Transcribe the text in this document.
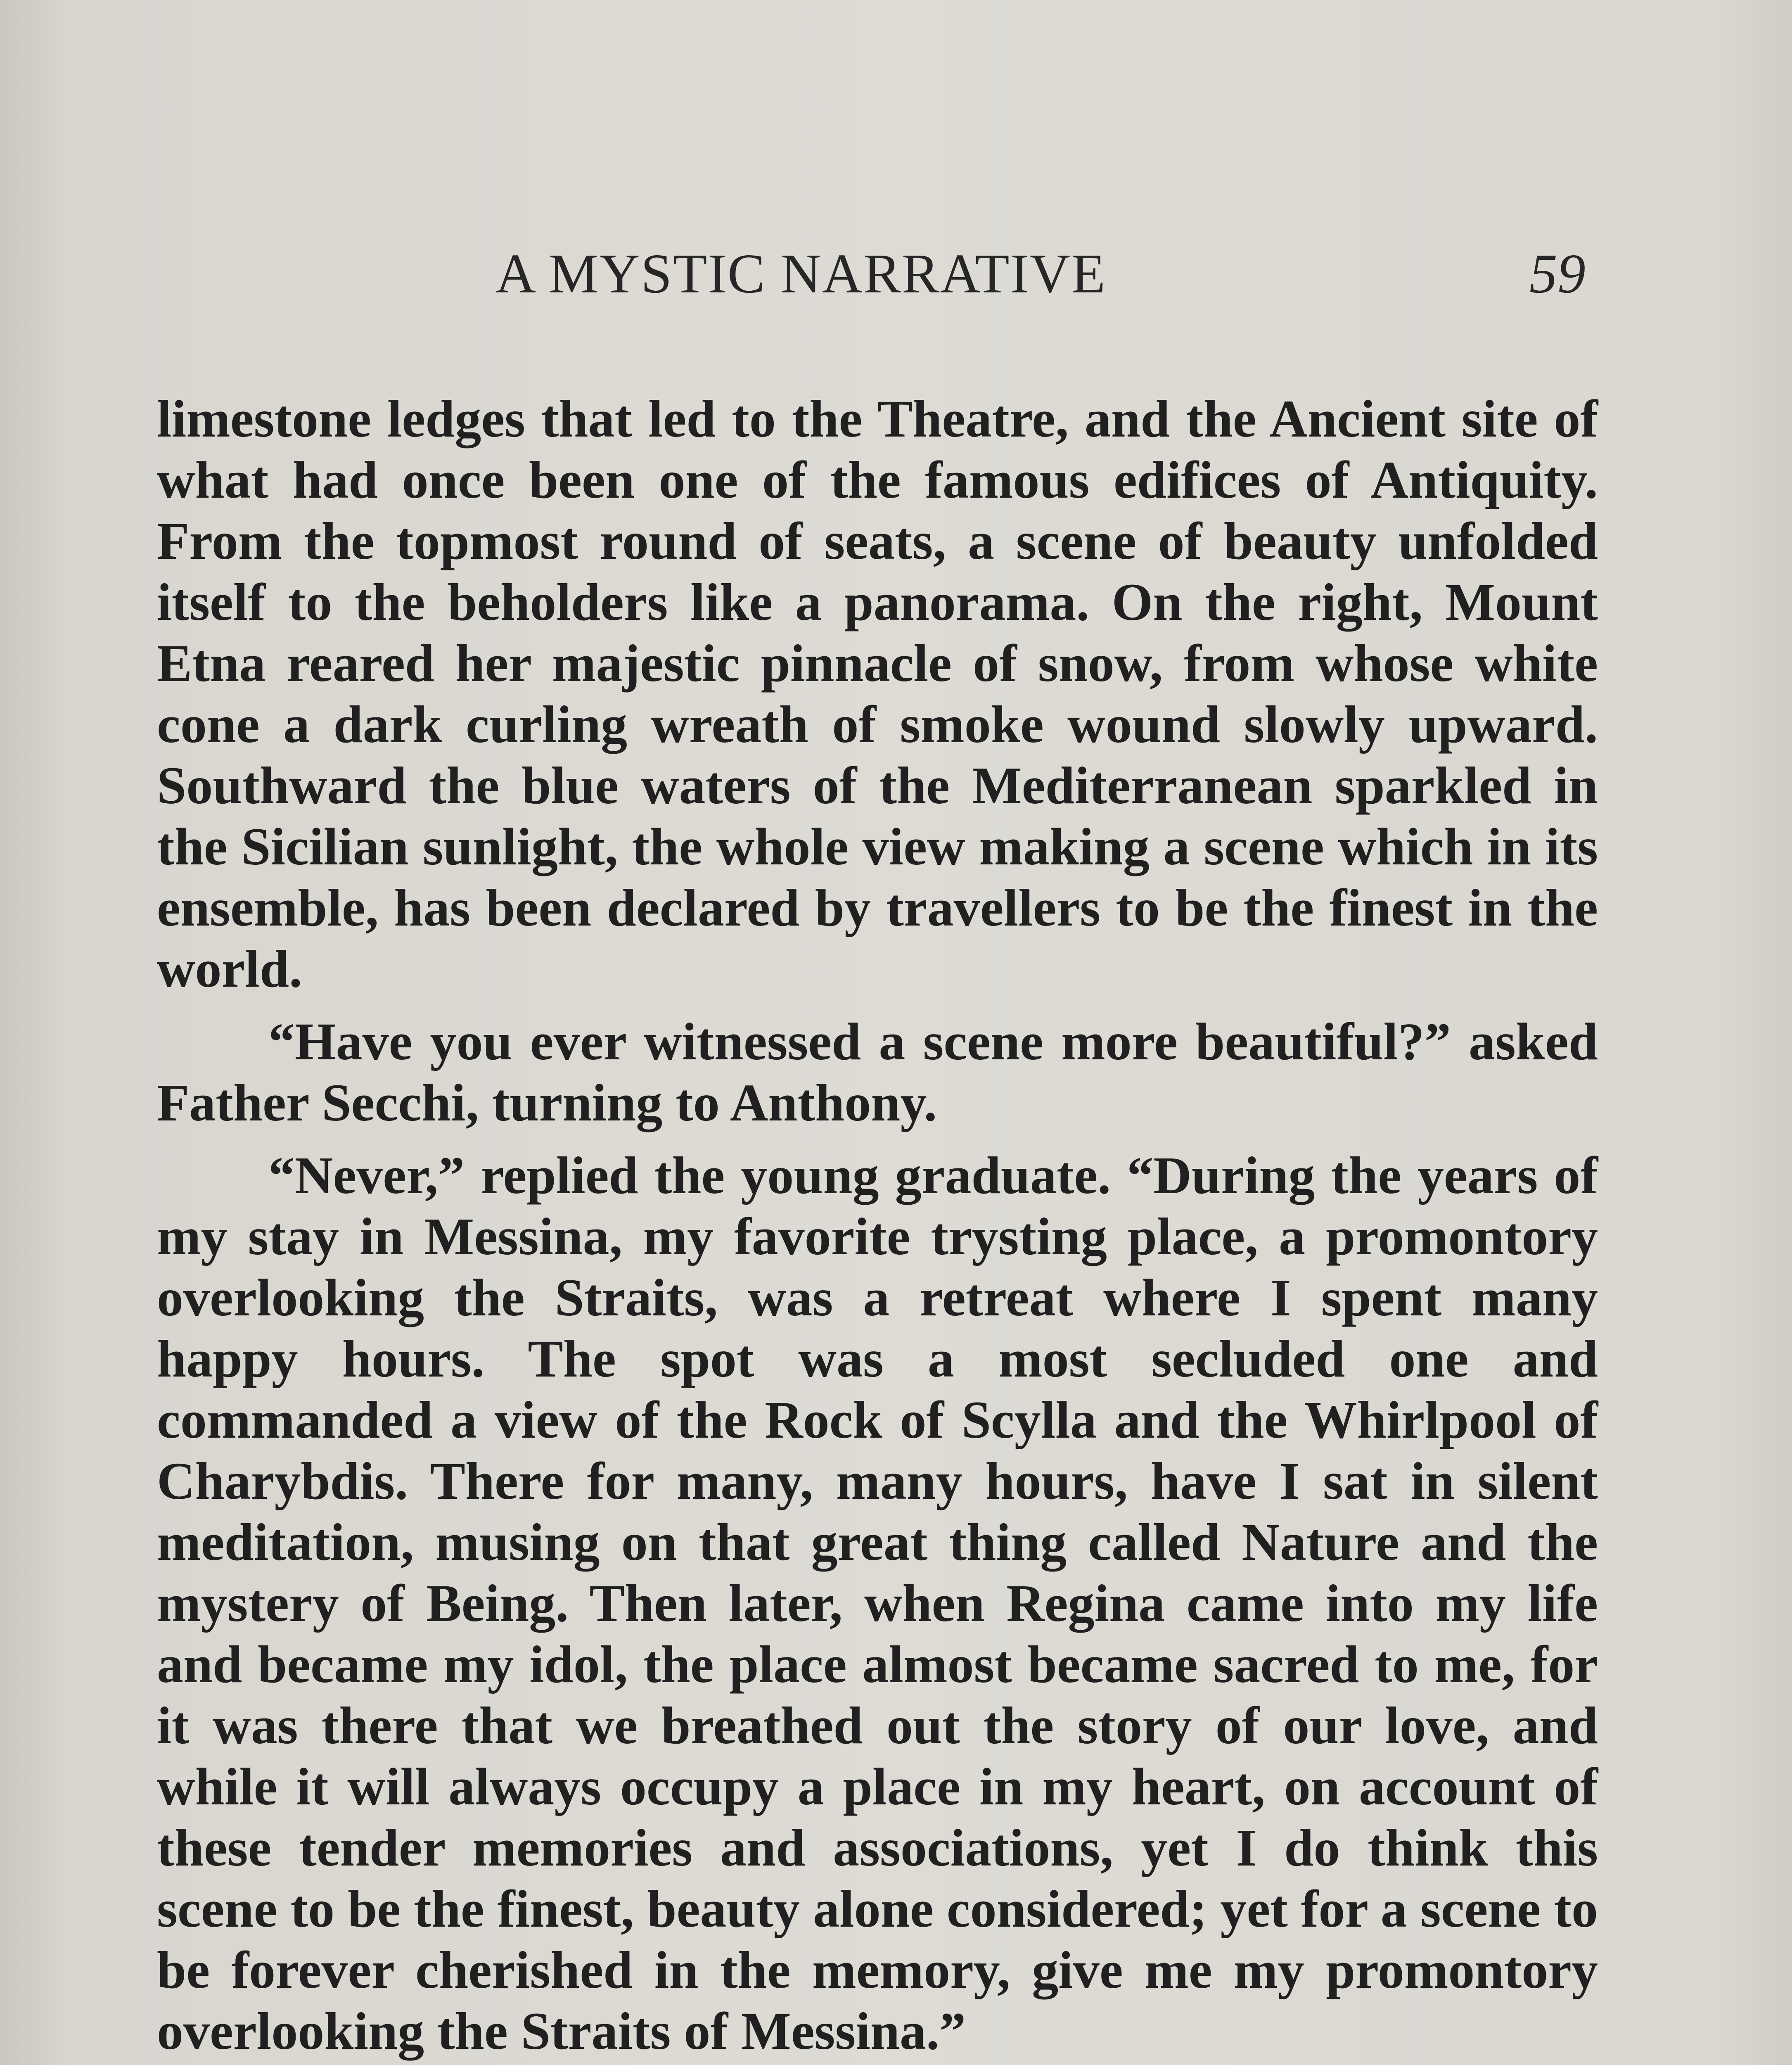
A MYSTIC NARRATIVE	59

limestone ledges that led to the Theatre, and the Ancient site of what had once been one of the famous edifices of Antiquity. From the topmost round of seats, a scene of beauty unfolded itself to the beholders like a panorama. On the right, Mount Etna reared her majestic pinnacle of snow, from whose white cone a dark curling wreath of smoke wound slowly upward. Southward the blue waters of the Mediterranean sparkled in the Sicilian sunlight, the whole view making a scene which in its ensemble, has been declared by travellers to be the finest in the world.

“Have you ever witnessed a scene more beautiful?” asked Father Secchi, turning to Anthony.

“Never,” replied the young graduate. “During the years of my stay in Messina, my favorite trysting place, a promontory overlooking the Straits, was a retreat where I spent many happy hours. The spot was a most secluded one and commanded a view of the Rock of Scylla and the Whirlpool of Charybdis. There for many, many hours, have I sat in silent meditation, musing on that great thing called Nature and the mystery of Being. Then later, when Regina came into my life and became my idol, the place almost became sacred to me, for it was there that we breathed out the story of our love, and while it will always occupy a place in my heart, on account of these tender memories and associations, yet I do think this scene to be the finest, beauty alone considered; yet for a scene to be forever cherished in the memory, give me my promontory overlooking the Straits of Messina.”
